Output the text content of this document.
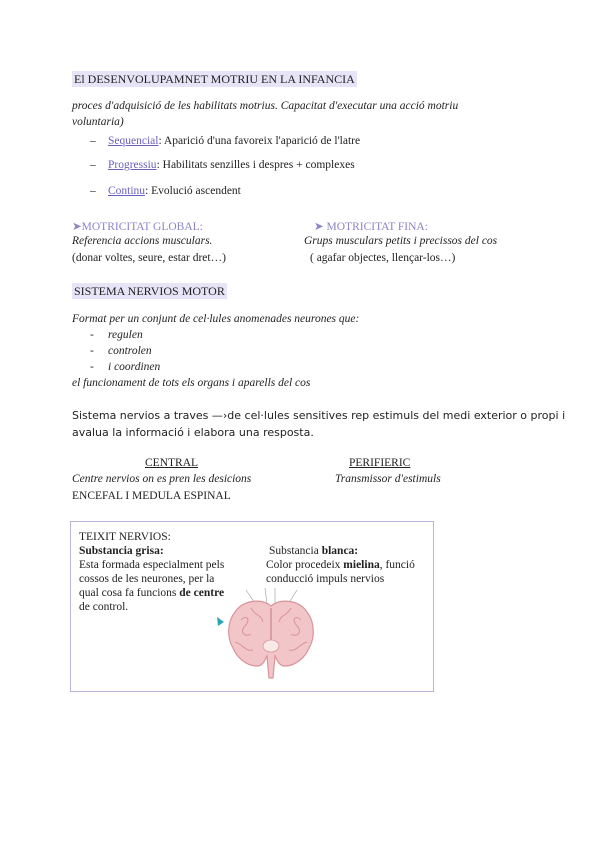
El DESENVOLUPAMNET MOTRIU EN LA INFANCIA
proces d'adquisició de les habilitats motrius. Capacitat d'executar una acció motriu
voluntaria)
– Sequencial: Aparició d'una favoreix l'aparició de l'latre
– Progressiu: Habilitats senzilles i despres + complexes
– Continu: Evolució ascendent
➤MOTRICITAT GLOBAL:	➤ MOTRICITAT FINA:
Referencia accions musculars.	Grups musculars petits i precissos del cos
(donar voltes, seure, estar dret…)	( agafar objectes, llençar-los…)
SISTEMA NERVIOS MOTOR
Format per un conjunt de cel·lules anomenades neurones que:
- regulen
- controlen
- i coordinen
el funcionament de tots els organs i aparells del cos
Sistema nervios a traves —›de cel·lules sensitives rep estimuls del medi exterior o propi i
avalua la informació i elabora una resposta.
CENTRAL	PERIFIERIC
Centre nervios on es pren les desicions	Transmissor d'estimuls
ENCEFAL I MEDULA ESPINAL
TEIXIT NERVIOS:
Substancia grisa:
Esta formada especialment pels
cossos de les neurones, per la
qual cosa fa funcions de centre
de control.
Substancia blanca:
Color procedeix mielina, funció
conducció impuls nervios
